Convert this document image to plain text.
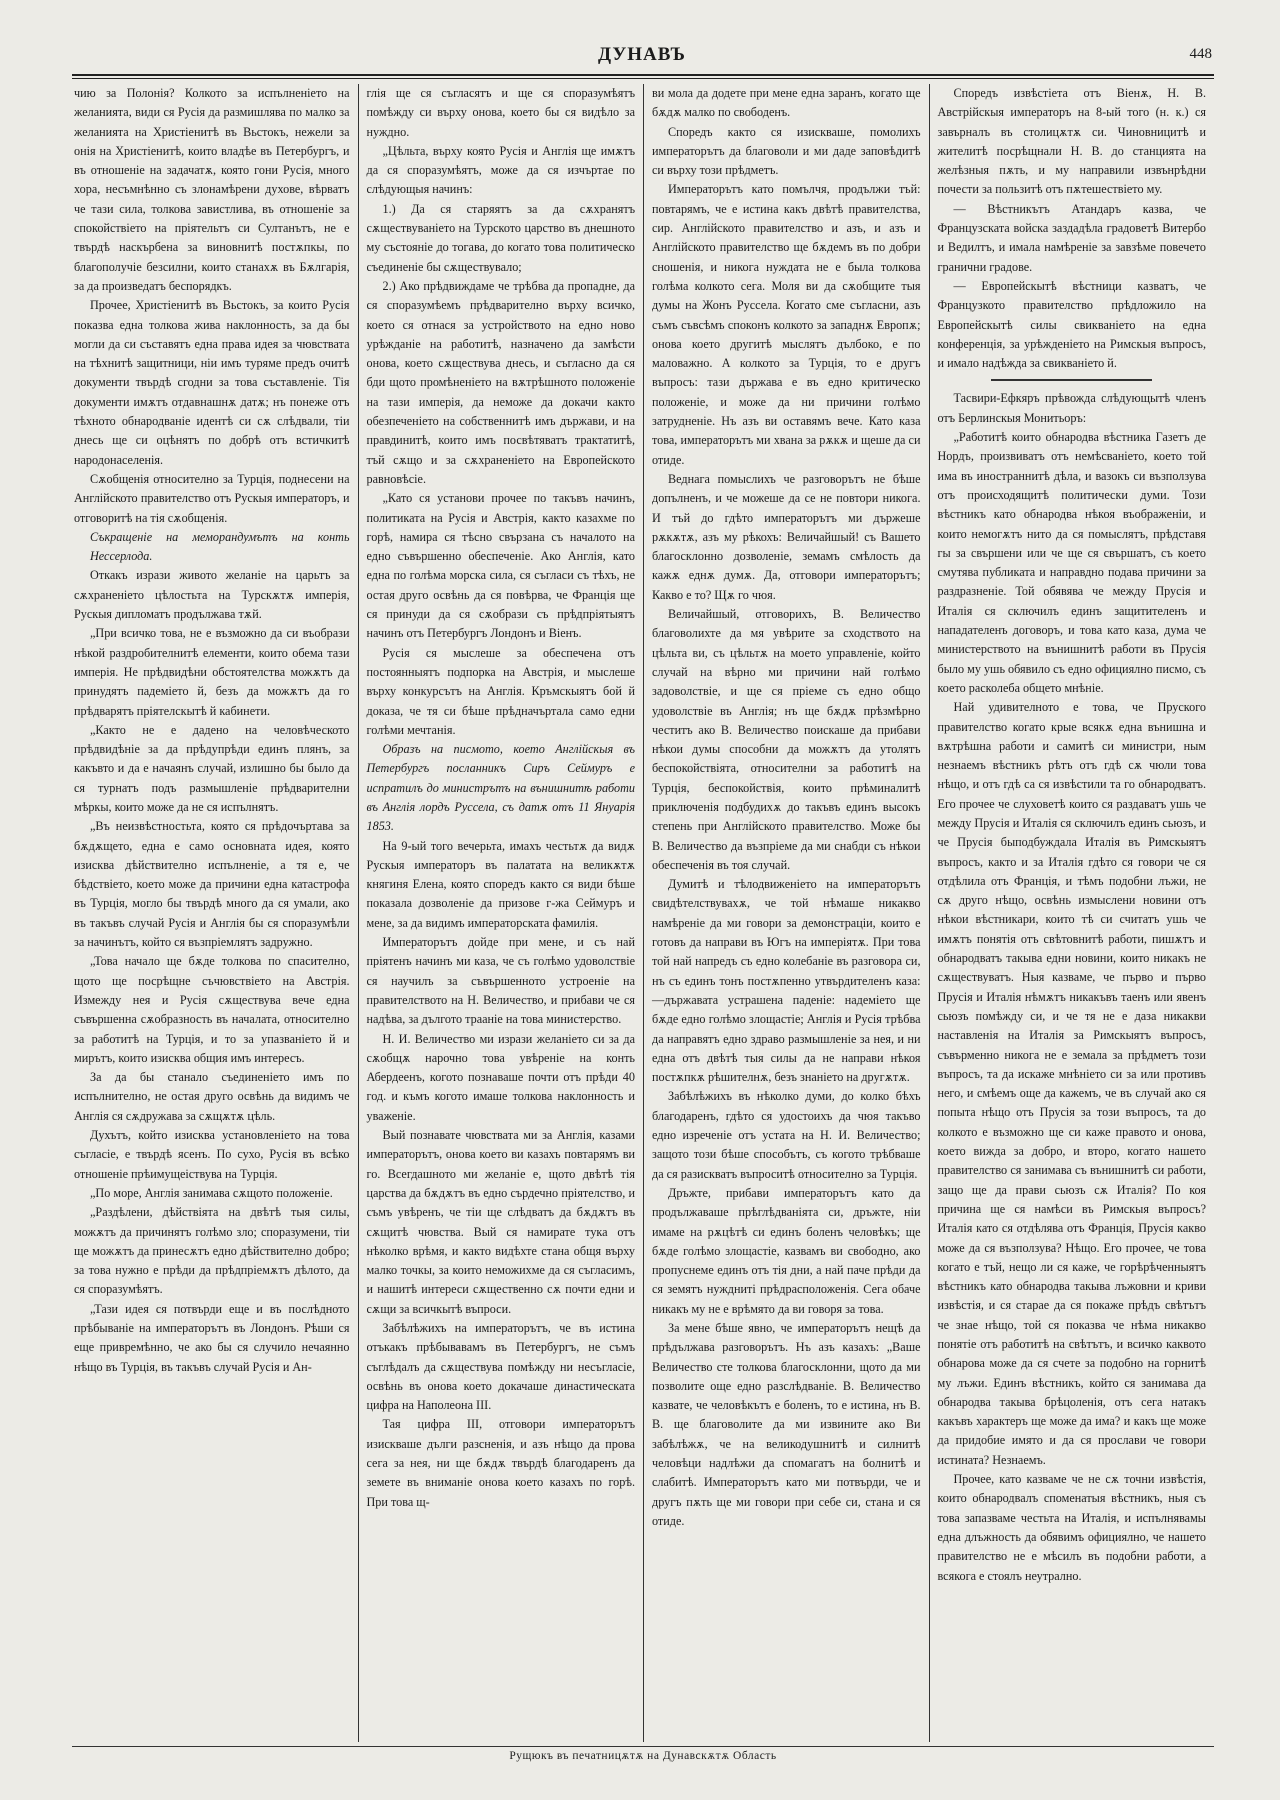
ДУНАВЪ	448

чию за Полонія? Колкото за испълненіето на желанията, види ся Русія да размишлява по малко за желанията на Христіенитѣ въ Вьстокъ, нежели за онія на Христіенитѣ, които владѣе въ Петербургъ, и въ отношеніе на задачатѫ, която гони Русія, много хора, несъмнѣнно съ злонамѣрени духове, вѣрватъ че тази сила, толкова завистлива, въ отношеніе за спокойствіето на пріятельтъ си Султанътъ, не е твърдѣ наскърбена за виновнитѣ постѫпкы, по благополучіе безсилни, които станахѫ въ Бѫлгарія, за да произведатъ беспорядкъ.

Прочее, Христіенитѣ въ Вьстокъ, за които Русія показва една толкова жива наклонность, за да бы могли да си съставятъ една права идея за чювствата на тѣхнитѣ защитници, ніи имъ туряме предъ очитѣ документи твърдѣ сгодни за това съставленіе. Тія документи имѫтъ отдавнашнѫ датѫ; нъ понеже отъ тѣхното обнародваніе идентѣ си сѫ слѣдвали, тіи днесь ще си оцѣнятъ по добрѣ отъ встичкитѣ народонаселенія.

Сѫобщенія относително за Турція, поднесени на Англійското правителство отъ Рускыя императоръ, и отговоритѣ на тія сѫобщенія.

Съкращеніе на меморандумътъ на конть Нессерлода.

Откакъ изрази живото желаніе на царьтъ за сѫхраненіето цѣлостьта на Турскѫтѫ имперія, Рускыя дипломатъ продължава тѫй.

„При всичко това, не е възможно да си въобрази нѣкой раздробителнитѣ елементи, които обема тази имперія. Не прѣдвидѣни обстоятелства можѫтъ да принудятъ падеміето й, безъ да можѫтъ да го прѣдварятъ пріятелскытѣ й кабинети.

„Както не е дадено на человѣческото прѣдвидѣніе за да прѣдупрѣди единъ плянъ, за какъвто и да е начаянъ случай, излишно бы было да ся турнатъ подъ размышленіе прѣдварителни мѣркы, които може да не ся испълнятъ.

„Въ неизвѣстностьта, която ся прѣдочъртава за бѫдѫщето, една е само основната идея, която изисква дѣйствително испълненіе, а тя е, че бѣдствіето, което може да причини една катастрофа въ Турція, могло бы твърдѣ много да ся умали, ако въ такъвъ случай Русія и Англія бы ся споразумѣли за начинътъ, който ся възпріемлятъ задружно.

„Това начало ще бѫде толкова по спасително, щото ще посрѣщне съчювствіето на Австрія. Измежду нея и Русія сѫществува вече една съвършенна сѫобразность въ началата, относително за работитѣ на Турція, и то за упазваніето й и мирътъ, които изисква общия имъ интересъ.

За да бы станало съединеніето имъ по испълнително, не остая друго освѣнь да видимъ че Англія ся сѫдружава за сѫщѫтѫ цѣль.

Духътъ, който изисква установленіето на това съгласіе, е твърдѣ ясенъ. По сухо, Русія въ всѣко отношеніе прѣимущеіствува на Турція.

„По море, Англія занимава сѫщото положеніе.

„Раздѣлени, дѣйствіята на двѣтѣ тыя силы, можѫтъ да причинятъ голѣмо зло; споразумени, тіи ще можѫтъ да принесѫтъ едно дѣйствително добро; за това нужно е прѣди да прѣдпріемѫтъ дѣлото, да ся споразумѣятъ.

„Тази идея ся потвърди еще и въ послѣдното прѣбываніе на императорътъ въ Лондонъ. Рѣши ся еще привремѣнно, че ако бы ся случило нечаянно нѣщо въ Турція, въ такъвъ случай Русія и Ан-

глія ще ся съгласятъ и ще ся споразумѣятъ помѣжду си върху онова, което бы ся видѣло за нуждно.

„Цѣльта, върху която Русія и Англія ще имѫтъ да ся споразумѣятъ, може да ся изчъртае по слѣдующыя начинъ:

1.) Да ся старяятъ за да сѫхранятъ сѫществуваніето на Турското царство въ днешното му състояніе до тогава, до когато това политическо съединеніе бы сѫществувало;

2.) Ако прѣдвиждаме че трѣбва да пропадне, да ся споразумѣемъ прѣдварително върху всичко, което ся отнася за устройството на едно ново урѣжданіе на работитѣ, назначено да замѣсти онова, което сѫществува днесь, и съгласно да ся бди щото промѣненіето на вѫтрѣшното положеніе на тази имперія, да неможе да докачи както обезпеченіето на собственнитѣ имъ държави, и на правдинитѣ, които имъ посвѣтяватъ трактатитѣ, тъй сѫщо и за сѫхраненіето на Европейското равновѣсіе.

„Като ся установи прочее по такъвъ начинъ, политиката на Русія и Австрія, както казахме по горѣ, намира ся тѣсно свързана съ началото на едно съвършенно обеспеченіе. Ако Англія, като една по голѣма морска сила, ся съгласи съ тѣхъ, не остая друго освѣнь да ся повѣрва, че Франція ще ся принуди да ся сѫобрази съ прѣдпріятыятъ начинъ отъ Петербургъ Лондонъ и Віенъ.

Русія ся мыслеше за обеспечена отъ постоянныятъ подпорка на Австрія, и мыслеше върху конкурсътъ на Англія. Кръмскыятъ бой й доказа, че тя си бѣше прѣдначъртала само едни голѣми мечтанія.

Образъ на писмото, което Англійскыя въ Петербургъ посланникъ Сиръ Сеймуръ е испратилъ до министрътъ на вънишнитѣ работи въ Англія лордъ Руссела, съ датѫ отъ 11 Януарія 1853.

На 9-ый того вечерьта, имахъ честьтѫ да видѫ Рускыя императоръ въ палатата на великѫтѫ княгиня Елена, която споредъ както ся види бѣше показала дозволеніе да призове г-жа Сеймуръ и мене, за да видимъ императорската фамилія.

Императорътъ дойде при мене, и съ най пріятенъ начинъ ми каза, че съ голѣмо удоволствіе ся научилъ за съвършенното устроеніе на правителството на Н. Величество, и прибави че ся надѣва, за дългото трааніе на това министерство.

Н. И. Величество ми изрази желаніето си за да сѫобщѫ нарочно това увѣреніе на конть Абердеенъ, когото познаваше почти отъ прѣди 40 год. и къмъ когото имаше толкова наклонность и уваженіе.

Вый познавате чювствата ми за Англія, казами императорътъ, онова което ви казахъ повтарямъ ви го. Всегдашното ми желаніе е, щото двѣтѣ тія царства да бѫдѫтъ въ едно сърдечно пріятелство, и съмъ увѣренъ, че тіи ще слѣдватъ да бѫдѫтъ въ сѫщитѣ чювства. Вый ся намирате тука отъ нѣколко врѣмя, и както видѣхте стана общя върху малко точкы, за които неможихме да ся съгласимъ, и нашитѣ интереси сѫщественно сѫ почти едни и сѫщи за всичкытѣ въпроси.

Забѣлѣжихъ на императорътъ, че въ истина отъкакъ прѣбывавамъ въ Петербургъ, не съмъ съглѣдалъ да сѫществува помѣжду ни несъгласіе, освѣнь въ онова което докачаше династическата цифра на Наполеона III.

Тая цифра III, отговори императорътъ изискваше дълги разсненія, и азъ нѣщо да прова сега за нея, ни ще бѫдѫ твърдѣ благодаренъ да земете въ вниманіе онова което казахъ по горѣ. При това щ-

ви мола да додете при мене една заранъ, когато ще бѫдѫ малко по свободенъ.

Споредъ както ся изискваше, помолихъ императорътъ да благоволи и ми даде заповѣдитѣ си върху този прѣдметъ.

Императорътъ като помълчя, продължи тъй: повтарямъ, че е истина какъ двѣтѣ правителства, сир. Англійското правителство и азъ, и азъ и Англійското правителство ще бѫдемъ въ по добри сношенія, и никога нуждата не е была толкова голѣма колкото сега. Моля ви да сѫобщите тыя думы на Жонъ Руссела. Когато сме съгласни, азъ съмъ съвсѣмъ споконъ колкото за западнѫ Европѫ; онова което другитѣ мыслятъ дълбоко, е по маловажно. А колкото за Турція, то е другъ въпросъ: тази държава е въ едно критическо положеніе, и може да ни причини голѣмо затрудненіе. Нъ азъ ви оставямъ вече. Като каза това, императорътъ ми хвана за рѫкѫ и щеше да си отиде.

Веднага помыслихъ че разговорътъ не бѣше допълненъ, и че можеше да се не повтори никога. И тъй до гдѣто императорътъ ми държеше рѫкѫтѫ, азъ му рѣкохъ: Величайшый! съ Вашето благосклонно дозволеніе, земамъ смѣлость да кажѫ еднѫ думѫ. Да, отговори императорътъ; Какво е то? Щѫ го чюя.

Величайшый, отговорихъ, В. Величество благоволихте да мя увѣрите за сходството на цѣльта ви, съ цѣльтѫ на моето управленіе, който случай на вѣрно ми причини най голѣмо задоволствіе, и ще ся пріеме съ едно общо удоволствіе въ Англія; нъ ще бѫдѫ прѣзмѣрно честитъ ако В. Величество поискаше да прибави нѣкои думы способни да можѫтъ да утолятъ беспокойствіята, относителни за работитѣ на Турція, беспокойствія, които прѣминалитѣ приключенія подбудихѫ до такъвъ единъ высокъ степень при Англійското правителство. Може бы В. Величество да възпріеме да ми снабди съ нѣкои обеспеченія въ тоя случай.

Думитѣ и тѣлодвиженіето на императорътъ свидѣтелствувахѫ, че той нѣмаше никакво намѣреніе да ми говори за демонстраціи, които е готовъ да направи въ Югъ на имперіятѫ. При това той най напредъ съ едно колебаніе въ разговора си, нъ съ единъ тонъ постѫпенно утвърдителенъ каза:—държавата устрашена паденіе: надеміето ще бѫде едно голѣмо злощастіе; Англія и Русія трѣбва да направятъ едно здраво размышленіе за нея, и ни една отъ двѣтѣ тыя силы да не направи нѣкоя постѫпкѫ рѣшителнѫ, безъ знаніето на другѫтѫ.

Забѣлѣжихъ въ нѣколко думи, до колко бѣхъ благодаренъ, гдѣто ся удостоихъ да чюя такъво едно изреченіе отъ устата на Н. И. Величество; защото този бѣше способътъ, съ когото трѣбваше да ся разискватъ въпроситѣ относително за Турція.

Дръжте, прибави императорътъ като да продължаваше прѣглѣдваніята си, дръжте, ніи имаме на рѫцѣтѣ си единъ боленъ человѣкъ; ще бѫде голѣмо злощастіе, казвамъ ви свободно, ако пропуснеме единъ отъ тія дни, а най паче прѣди да ся земятъ нуждниті прѣдрасположенія. Сега обаче никакъ му не е врѣмято да ви говоря за това.

За мене бѣше явно, че императорътъ нещѣ да прѣдължава разговорътъ. Нъ азъ казахъ: „Ваше Величество сте толкова благосклонни, щото да ми позволите още едно разслѣдваніе. В. Величество казвате, че человѣкътъ е боленъ, то е истина, нъ В. В. ще благоволите да ми извините ако Ви забѣлѣжѫ, че на великодушнитѣ и силнитѣ человѣци надлѣжи да спомагатъ на болнитѣ и слабитѣ. Императорътъ като ми потвърди, че и другъ пѫть ще ми говори при себе си, стана и ся отиде.

Споредъ извѣстіета отъ Віенѫ, Н. В. Австрійскыя императоръ на 8-ый того (н. к.) ся завърналъ въ столицѫтѫ си. Чиновницитѣ и жителитѣ посрѣщнали Н. В. до станцията на желѣзныя пѫть, и му направили извънрѣдни почести за пользитѣ отъ пѫтешествіето му.

— Вѣстникътъ Атандаръ казва, че Французската войска заздадѣла градоветѣ Витербо и Ведилтъ, и имала намѣреніе за завзѣме повечето гранични градове.

— Европейскытѣ вѣстници казватъ, че Французкото правителство прѣдложило на Европейскытѣ силы свикваніето на една конференція, за урѣжденіето на Римскыя въпросъ, и имало надѣжда за свикваніето й.

Тасвири-Ефкяръ прѣвожда слѣдующытѣ членъ отъ Берлинскыя Монитьоръ:

„Работитѣ които обнародва вѣстника Газетъ де Нордъ, произвиватъ отъ немѣсваніето, което той има въ иностраннитѣ дѣла, и вазокъ си възползува отъ происходящитѣ политически думи. Този вѣстникъ като обнародва нѣкоя въображеніи, и които немогѫтъ нито да ся помыслятъ, прѣдставя гы за свършени или че ще ся свършатъ, съ което смутява публиката и направдно подава причини за раздразненіе. Той обявява че между Прусія и Италія ся сключилъ единъ защитителенъ и нападателенъ договоръ, и това като каза, дума че министерството на вънишнитѣ работи въ Прусія было му ушь обявило съ едно официялно писмо, съ което расколеба общето мнѣніе.

Най удивителното е това, че Пруского правителство когато крые всякѫ една вънишна и вѫтрѣшна работи и самитѣ си министри, ным незнаемъ вѣстникъ рѣтъ отъ гдѣ сѫ чюли това нѣщо, и отъ гдѣ са ся извѣстили та го обнародватъ. Его прочее че слуховетѣ които ся раздаватъ ушь че между Прусія и Италія ся сключилъ единъ сьюзъ, и че Прусія быподбуждала Италія въ Римскыятъ въпросъ, както и за Италія гдѣто ся говори че ся отдѣлила отъ Франція, и тѣмъ подобни лъжи, не сѫ друго нѣщо, освѣнь измыслени новини отъ нѣкои вѣстникари, които тѣ си считатъ ушь че имѫтъ понятія отъ свѣтовнитѣ работи, пишѫтъ и обнародватъ такыва едни новини, които никакъ не сѫществуватъ. Ныя казваме, че първо и първо Прусія и Италія нѣмѫтъ никакъвъ таенъ или явенъ сьюзъ помѣжду си, и че тя не е даза никакви наставленія на Италія за Римскыятъ въпросъ, съвърменно никога не е земала за прѣдметъ този въпросъ, та да искаже мнѣніето си за или противъ него, и смѣемъ още да кажемъ, че въ случай ако ся попыта нѣщо отъ Прусія за този въпросъ, та до колкото е възможно ще си каже правото и онова, което вижда за добро, и второ, когато нашето правителство ся занимава съ вънишнитѣ си работи, защо ще да прави сьюзъ сѫ Италія? По коя причина ще ся намѣси въ Римскыя въпросъ? Италія като ся отдѣлява отъ Франція, Прусія какво може да ся възползува? Нѣщо. Его прочее, че това когато е тъй, нещо ли ся каже, че горѣрѣченныятъ вѣстникъ като обнародва такыва лъжовни и криви извѣстія, и ся старае да ся покаже прѣдъ свѣтътъ че знае нѣщо, той ся показва че нѣма никакво понятіе отъ работитѣ на свѣтътъ, и всичко каквото обнарова може да ся счете за подобно на горнитѣ му лъжи. Единъ вѣстникъ, който ся занимава да обнародва такыва брѣцоленія, отъ сега натакъ какъвъ характеръ ще може да има? и какъ ще може да придобие имято и да ся прослави че говори истината? Незнаемъ.

Прочее, като казваме че не сѫ точни извѣстія, които обнародвалъ споменатыя вѣстникъ, ныя съ това запазваме честьта на Италія, и испълнявамы една длъжность да обявимъ официялно, че нашето правителство не е мѣсилъ въ подобни работи, а всякога е стоялъ неутрално.

Рущюкъ въ печатницѫтѫ на Дунавскѫтѫ Область
